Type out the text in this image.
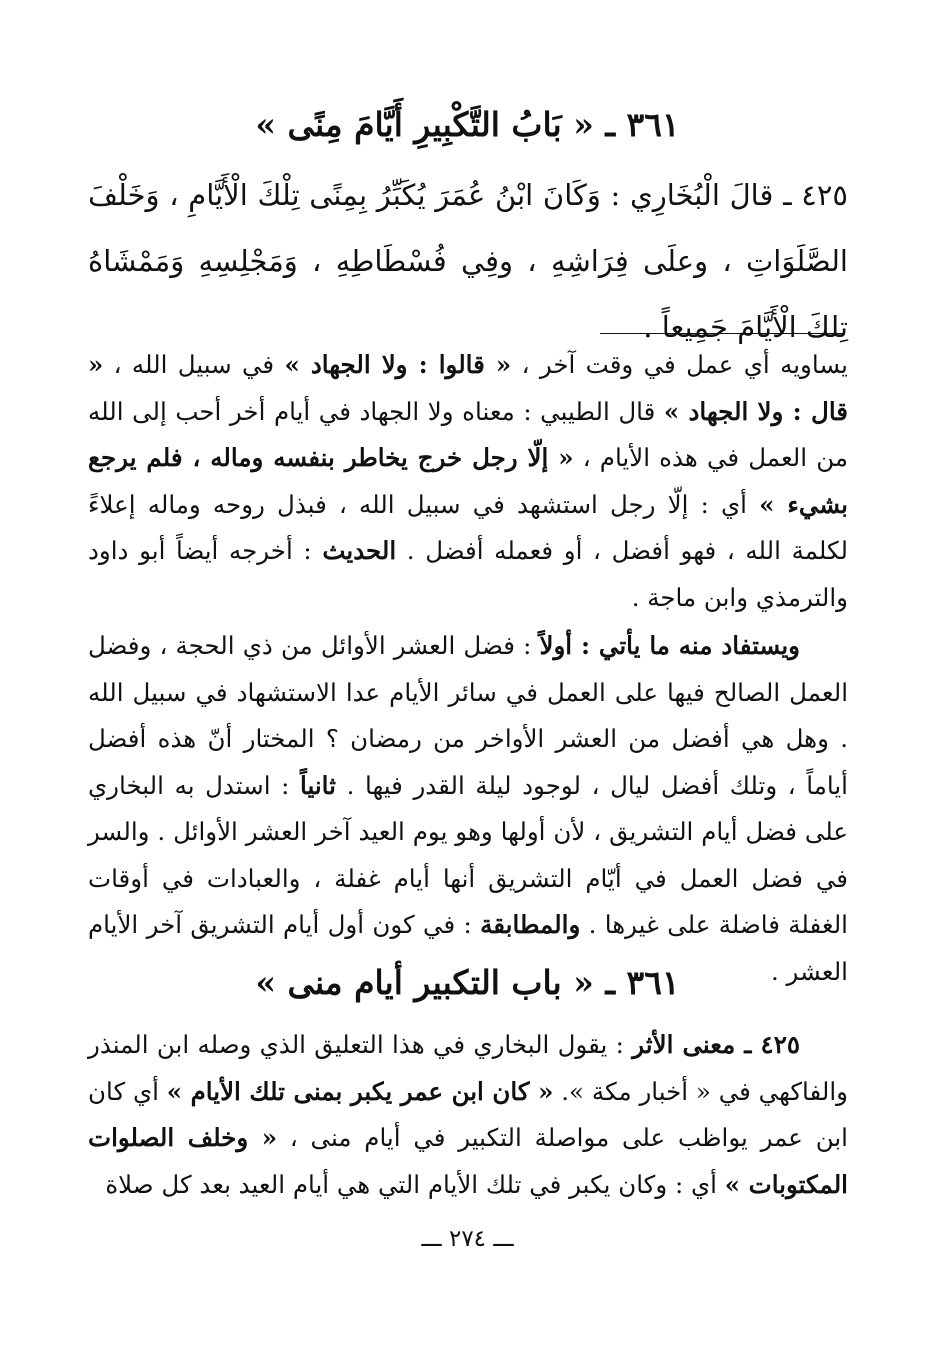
٣٦١ ـ « بَابُ التَّكْبِيرِ أَيَّامَ مِنًى »
٤٢٥ ـ قالَ الْبُخَارِي : وَكَانَ ابْنُ عُمَرَ يُكَبِّرُ بِمِنًى تِلْكَ الْأَيَّامِ ، وَخَلْفَ الصَّلَوَاتِ ، وعلَى فِرَاشِهِ ، وفِي فُسْطَاطِهِ ، وَمَجْلِسِهِ وَمَمْشَاهُ تِلكَ الْأَيَّامَ جَمِيعاً .
يساويه أي عمل في وقت آخر ، « قالوا : ولا الجهاد » في سبيل الله ، « قال : ولا الجهاد » قال الطيبي : معناه ولا الجهاد في أيام أخر أحب إلى الله من العمل في هذه الأيام ، « إلّا رجل خرج يخاطر بنفسه وماله ، فلم يرجع بشيء » أي : إلّا رجل استشهد في سبيل الله ، فبذل روحه وماله إعلاءً لكلمة الله ، فهو أفضل ، أو فعمله أفضل . الحديث : أخرجه أيضاً أبو داود والترمذي وابن ماجة .
ويستفاد منه ما يأتي : أولاً : فضل العشر الأوائل من ذي الحجة ، وفضل العمل الصالح فيها على العمل في سائر الأيام عدا الاستشهاد في سبيل الله . وهل هي أفضل من العشر الأواخر من رمضان ؟ المختار أنّ هذه أفضل أياماً ، وتلك أفضل ليال ، لوجود ليلة القدر فيها . ثانياً : استدل به البخاري على فضل أيام التشريق ، لأن أولها وهو يوم العيد آخر العشر الأوائل . والسر في فضل العمل في أيّام التشريق أنها أيام غفلة ، والعبادات في أوقات الغفلة فاضلة على غيرها . والمطابقة : في كون أول أيام التشريق آخر الأيام العشر .
٣٦١ ـ « باب التكبير أيام منى »
٤٢٥ ـ معنى الأثر : يقول البخاري في هذا التعليق الذي وصله ابن المنذر والفاكهي في « أخبار مكة ». « كان ابن عمر يكبر بمنى تلك الأيام » أي كان ابن عمر يواظب على مواصلة التكبير في أيام منى ، « وخلف الصلوات المكتوبات » أي : وكان يكبر في تلك الأيام التي هي أيام العيد بعد كل صلاة
ـــ ٢٧٤ ـــ
